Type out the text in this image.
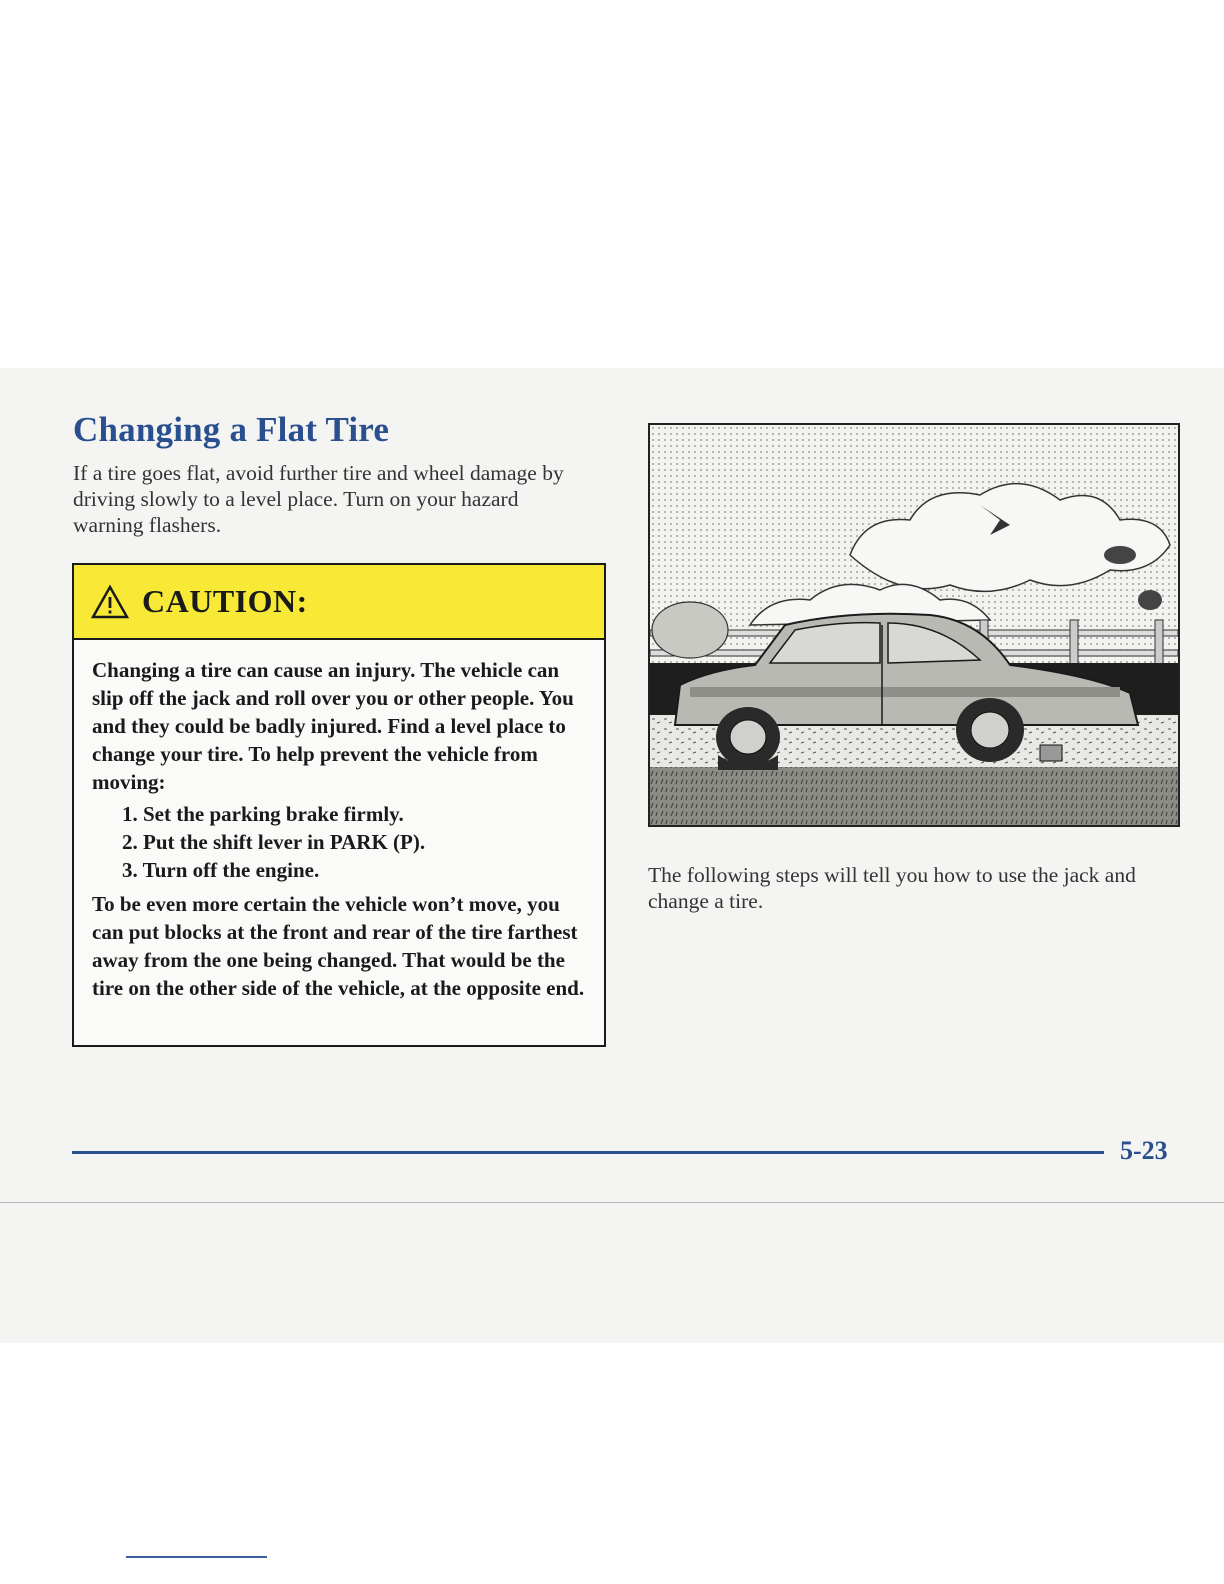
Changing a Flat Tire

If a tire goes flat, avoid further tire and wheel damage by driving slowly to a level place. Turn on your hazard warning flashers.

CAUTION:

Changing a tire can cause an injury. The vehicle can slip off the jack and roll over you or other people. You and they could be badly injured. Find a level place to change your tire. To help prevent the vehicle from moving:

1. Set the parking brake firmly.
2. Put the shift lever in PARK (P).
3. Turn off the engine.

To be even more certain the vehicle won’t move, you can put blocks at the front and rear of the tire farthest away from the one being changed. That would be the tire on the other side of the vehicle, at the opposite end.

The following steps will tell you how to use the jack and change a tire.

5-23
